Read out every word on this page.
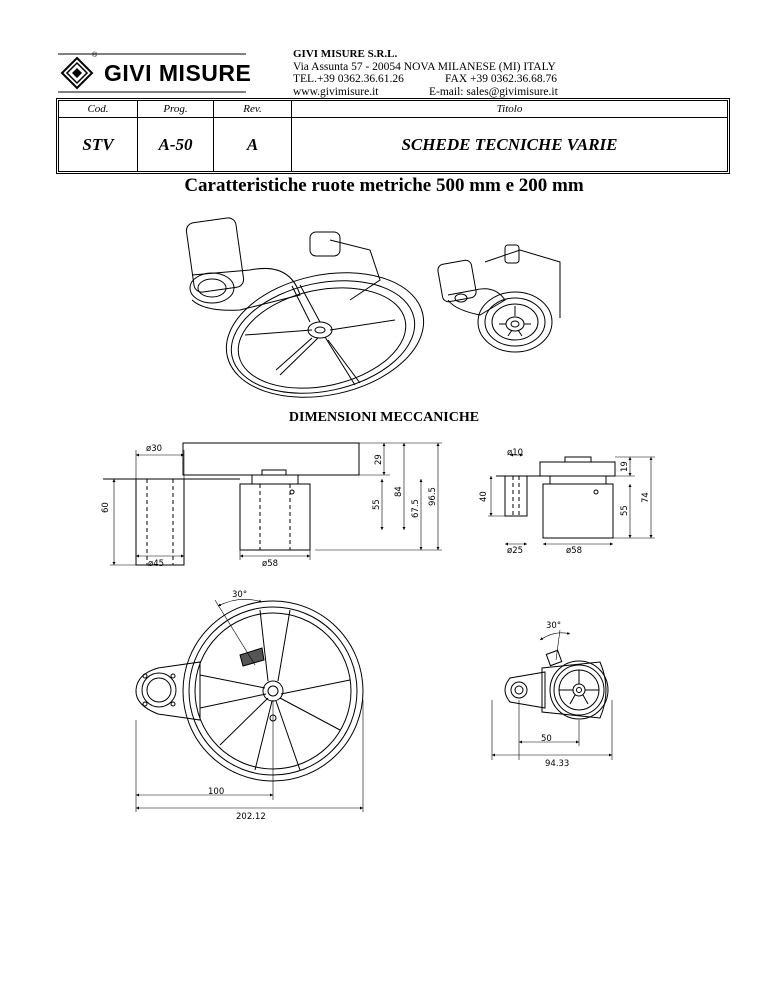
®
GIVI MISURE
GIVI MISURE S.R.L.
Via Assunta 57 - 20054 NOVA MILANESE (MI) ITALY
TEL.+39 0362.36.61.26	FAX +39 0362.36.68.76
www.givimisure.it	E-mail: sales@givimisure.it
Cod.	Prog.	Rev.	Titolo
STV	A-50	A	SCHEDE TECNICHE VARIE
Caratteristiche ruote metriche 500 mm e 200 mm
DIMENSIONI MECCANICHE
ø30
ø45	ø58
60
29
55
84
67.5
96.5
ø10
ø25	ø58
40
19
55
74
30°
100
202.12
30°
50
94.33
